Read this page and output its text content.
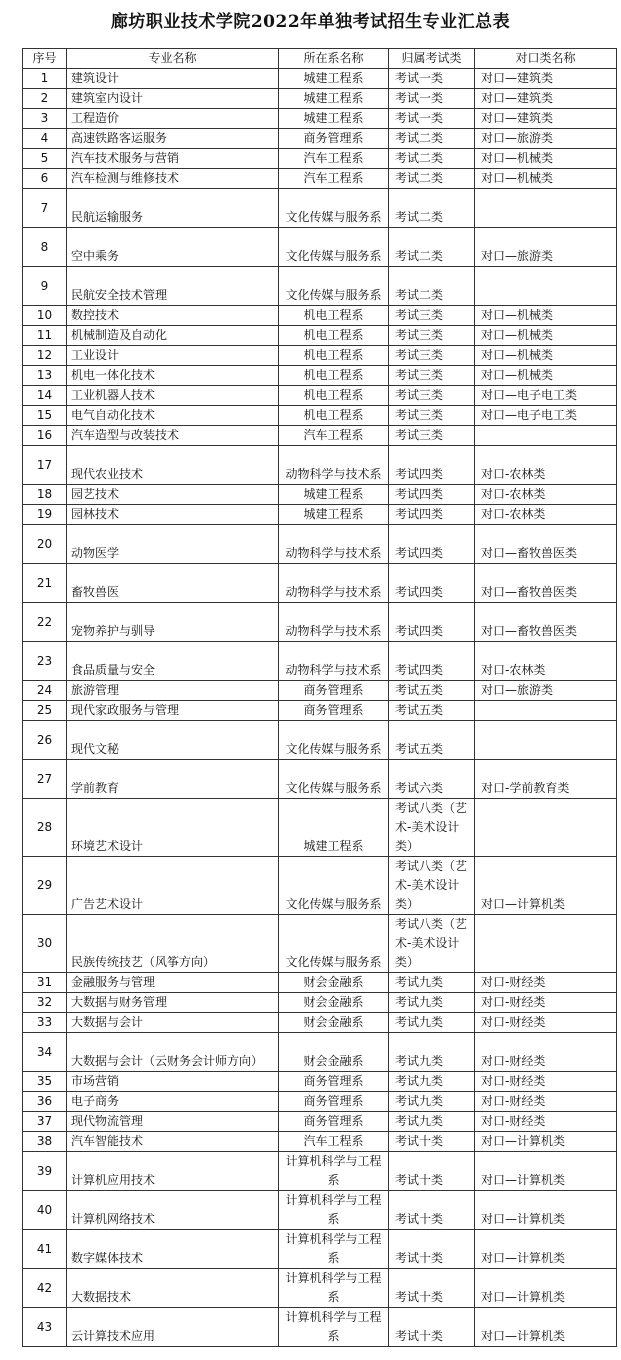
廊坊职业技术学院2022年单独考试招生专业汇总表
序号	专业名称	所在系名称	归属考试类	对口类名称
1	建筑设计	城建工程系	考试一类	对口—建筑类
2	建筑室内设计	城建工程系	考试一类	对口—建筑类
3	工程造价	城建工程系	考试一类	对口—建筑类
4	高速铁路客运服务	商务管理系	考试二类	对口—旅游类
5	汽车技术服务与营销	汽车工程系	考试二类	对口—机械类
6	汽车检测与维修技术	汽车工程系	考试二类	对口—机械类
7	民航运输服务	文化传媒与服务系	考试二类	
8	空中乘务	文化传媒与服务系	考试二类	对口—旅游类
9	民航安全技术管理	文化传媒与服务系	考试二类	
10	数控技术	机电工程系	考试三类	对口—机械类
11	机械制造及自动化	机电工程系	考试三类	对口—机械类
12	工业设计	机电工程系	考试三类	对口—机械类
13	机电一体化技术	机电工程系	考试三类	对口—机械类
14	工业机器人技术	机电工程系	考试三类	对口—电子电工类
15	电气自动化技术	机电工程系	考试三类	对口—电子电工类
16	汽车造型与改装技术	汽车工程系	考试三类	
17	现代农业技术	动物科学与技术系	考试四类	对口-农林类
18	园艺技术	城建工程系	考试四类	对口-农林类
19	园林技术	城建工程系	考试四类	对口-农林类
20	动物医学	动物科学与技术系	考试四类	对口—畜牧兽医类
21	畜牧兽医	动物科学与技术系	考试四类	对口—畜牧兽医类
22	宠物养护与驯导	动物科学与技术系	考试四类	对口—畜牧兽医类
23	食品质量与安全	动物科学与技术系	考试四类	对口-农林类
24	旅游管理	商务管理系	考试五类	对口—旅游类
25	现代家政服务与管理	商务管理系	考试五类	
26	现代文秘	文化传媒与服务系	考试五类	
27	学前教育	文化传媒与服务系	考试六类	对口-学前教育类
28	环境艺术设计	城建工程系	考试八类（艺术-美术设计类）	
29	广告艺术设计	文化传媒与服务系	考试八类（艺术-美术设计类）	对口—计算机类
30	民族传统技艺（风筝方向）	文化传媒与服务系	考试八类（艺术-美术设计类）	
31	金融服务与管理	财会金融系	考试九类	对口-财经类
32	大数据与财务管理	财会金融系	考试九类	对口-财经类
33	大数据与会计	财会金融系	考试九类	对口-财经类
34	大数据与会计（云财务会计师方向）	财会金融系	考试九类	对口-财经类
35	市场营销	商务管理系	考试九类	对口-财经类
36	电子商务	商务管理系	考试九类	对口-财经类
37	现代物流管理	商务管理系	考试九类	对口-财经类
38	汽车智能技术	汽车工程系	考试十类	对口—计算机类
39	计算机应用技术	计算机科学与工程系	考试十类	对口—计算机类
40	计算机网络技术	计算机科学与工程系	考试十类	对口—计算机类
41	数字媒体技术	计算机科学与工程系	考试十类	对口—计算机类
42	大数据技术	计算机科学与工程系	考试十类	对口—计算机类
43	云计算技术应用	计算机科学与工程系	考试十类	对口—计算机类
